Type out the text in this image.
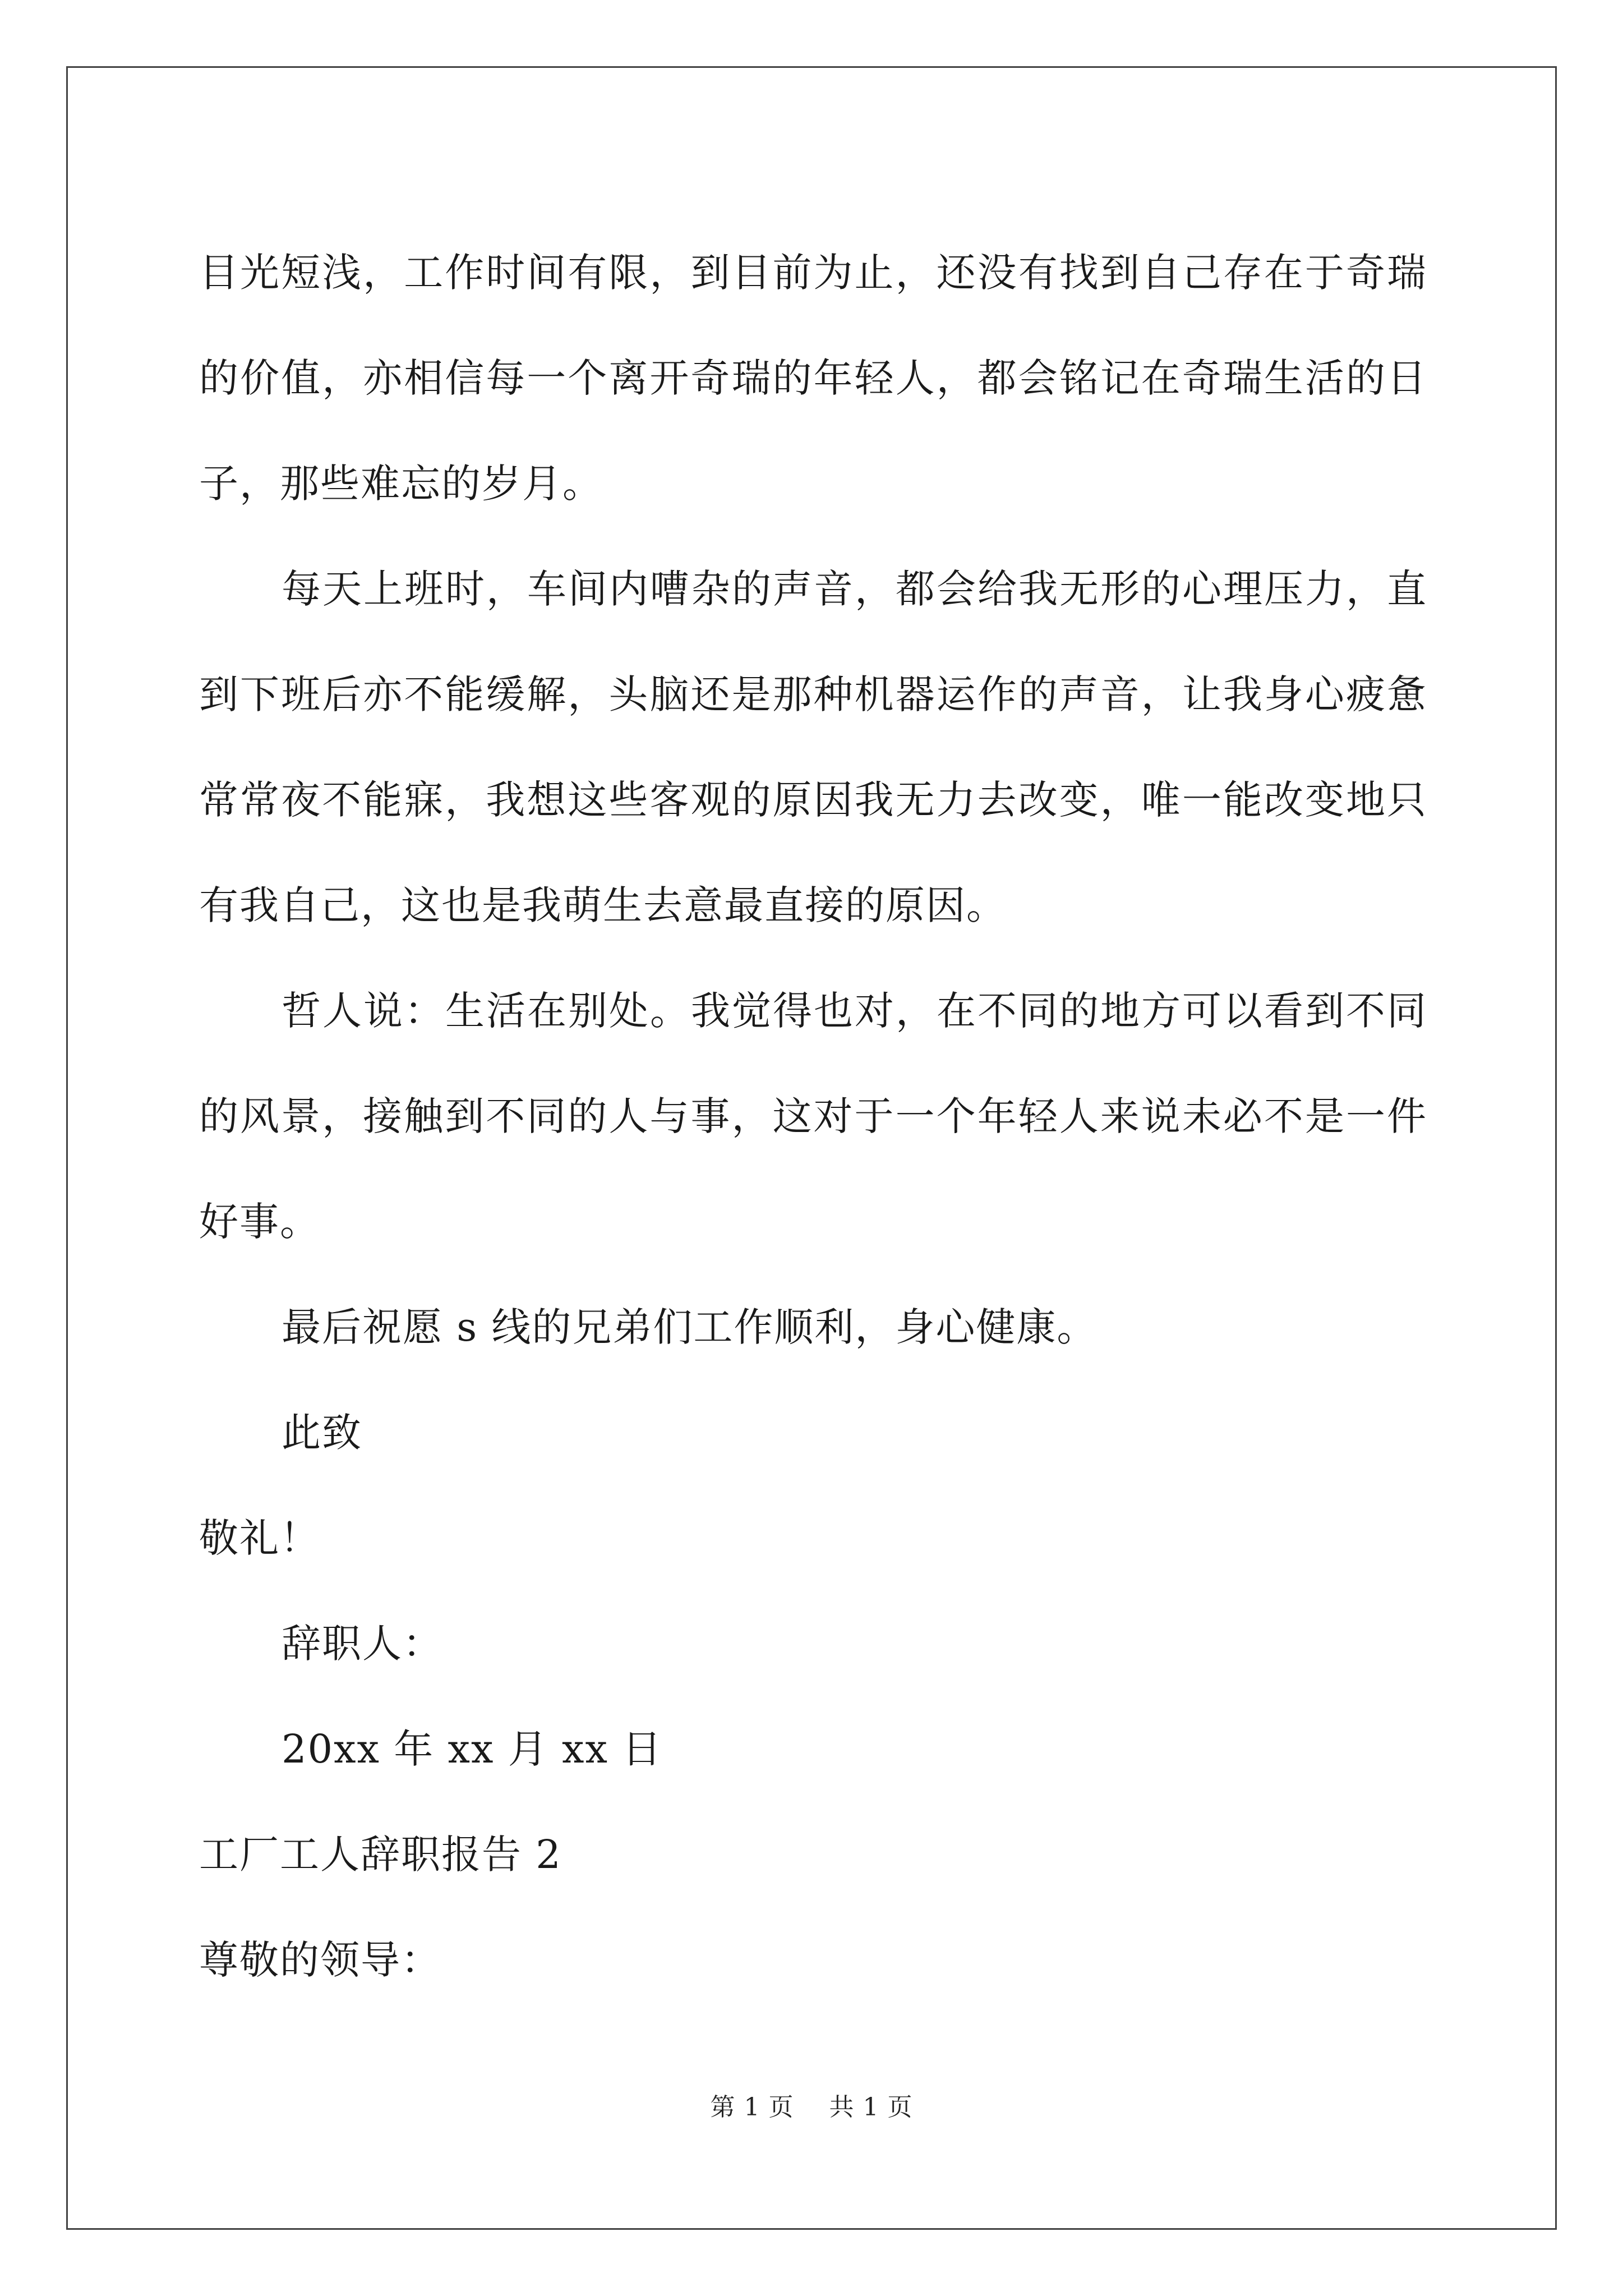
目光短浅，工作时间有限，到目前为止，还没有找到自己存在于奇瑞的价值，亦相信每一个离开奇瑞的年轻人，都会铭记在奇瑞生活的日子，那些难忘的岁月。

每天上班时，车间内嘈杂的声音，都会给我无形的心理压力，直到下班后亦不能缓解，头脑还是那种机器运作的声音，让我身心疲惫常常夜不能寐，我想这些客观的原因我无力去改变，唯一能改变地只有我自己，这也是我萌生去意最直接的原因。

哲人说：生活在别处。我觉得也对，在不同的地方可以看到不同的风景，接触到不同的人与事，这对于一个年轻人来说未必不是一件好事。

最后祝愿 s 线的兄弟们工作顺利，身心健康。

此致

敬礼！

辞职人：

20xx 年 xx 月 xx 日

工厂工人辞职报告 2

尊敬的领导：

第 1 页 共 1 页
